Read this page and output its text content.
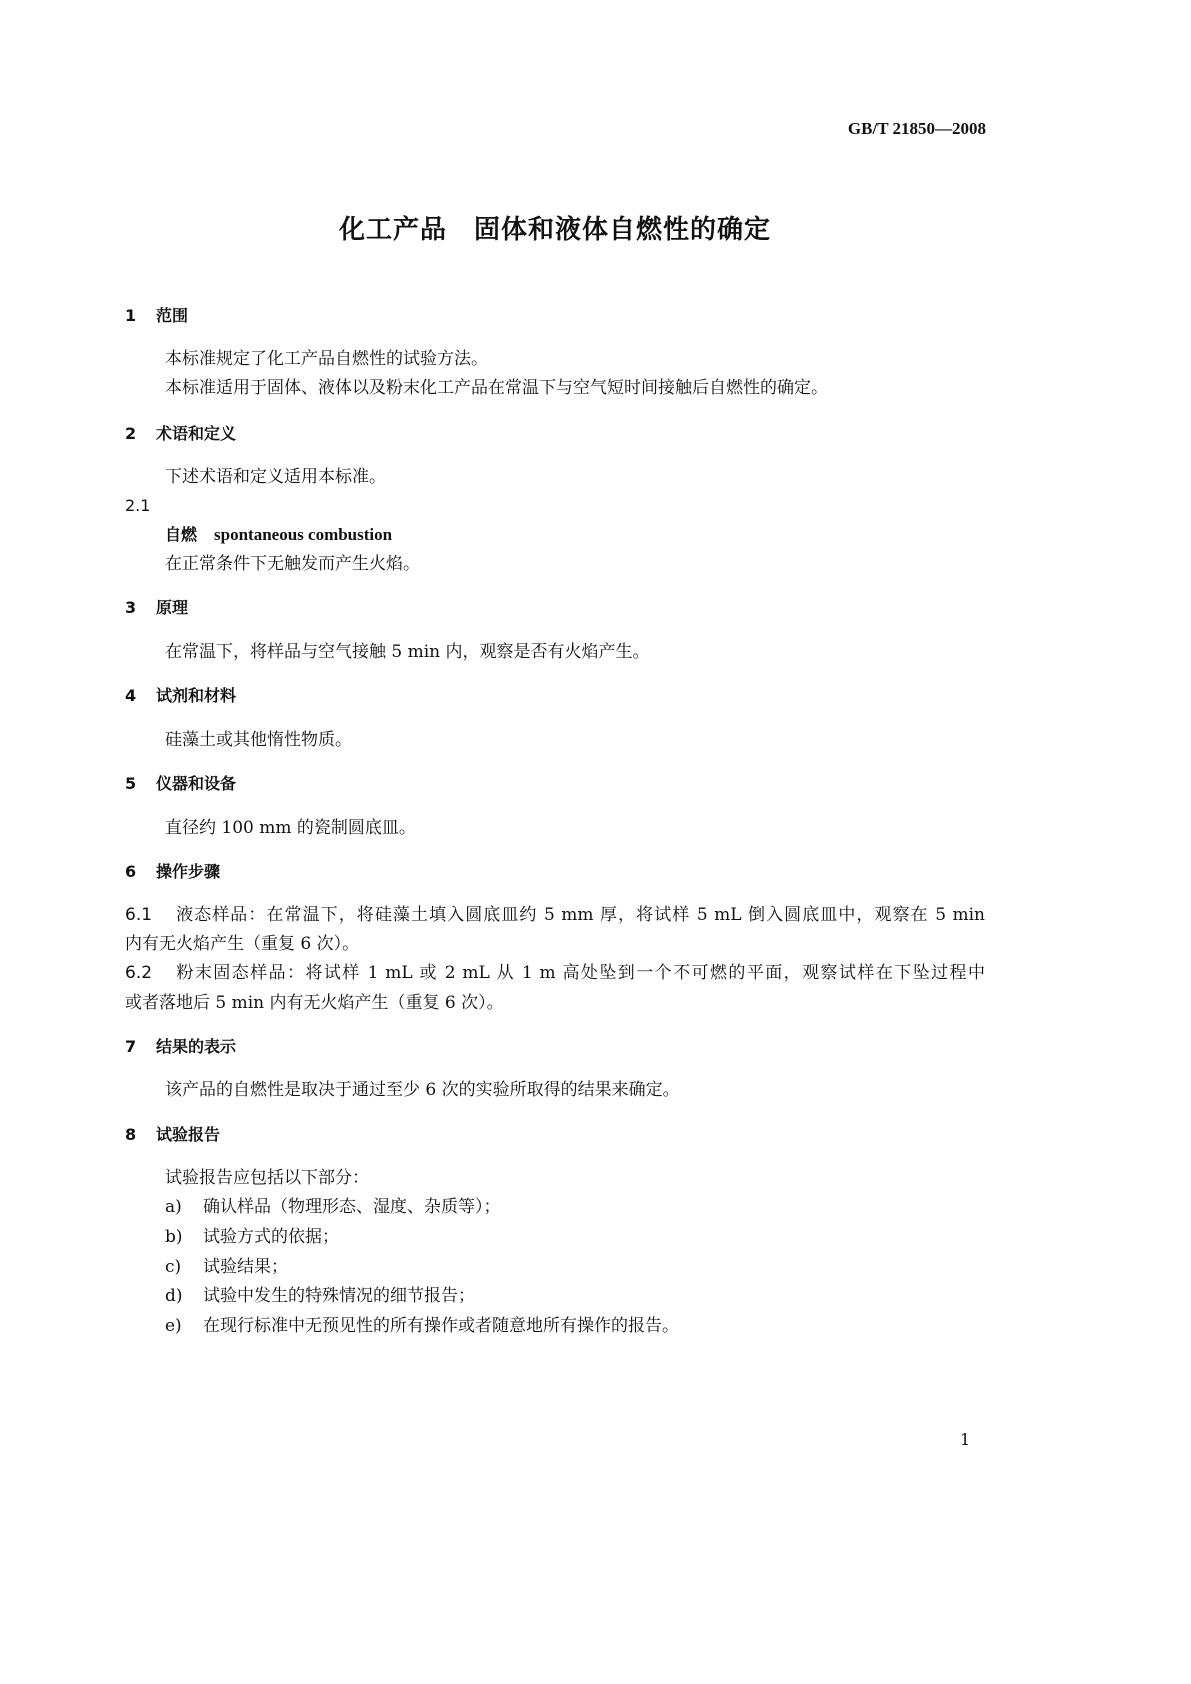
GB/T 21850—2008
化工产品　固体和液体自燃性的确定
1 范围
本标准规定了化工产品自燃性的试验方法。
本标准适用于固体、液体以及粉末化工产品在常温下与空气短时间接触后自燃性的确定。
2 术语和定义
下述术语和定义适用本标准。
2.1
自燃　 spontaneous combustion
在正常条件下无触发而产生火焰。
3 原理
在常温下，将样品与空气接触 5 min 内，观察是否有火焰产生。
4 试剂和材料
硅藻土或其他惰性物质。
5 仪器和设备
直径约 100 mm 的瓷制圆底皿。
6 操作步骤
6.1 液态样品：在常温下，将硅藻土填入圆底皿约 5 mm 厚，将试样 5 mL 倒入圆底皿中，观察在 5 min
内有无火焰产生（重复 6 次）。
6.2 粉末固态样品：将试样 1 mL 或 2 mL 从 1 m 高处坠到一个不可燃的平面，观察试样在下坠过程中
或者落地后 5 min 内有无火焰产生（重复 6 次）。
7 结果的表示
该产品的自燃性是取决于通过至少 6 次的实验所取得的结果来确定。
8 试验报告
试验报告应包括以下部分：
a) 确认样品（物理形态、湿度、杂质等）；
b) 试验方式的依据；
c) 试验结果；
d) 试验中发生的特殊情况的细节报告；
e) 在现行标准中无预见性的所有操作或者随意地所有操作的报告。
1
